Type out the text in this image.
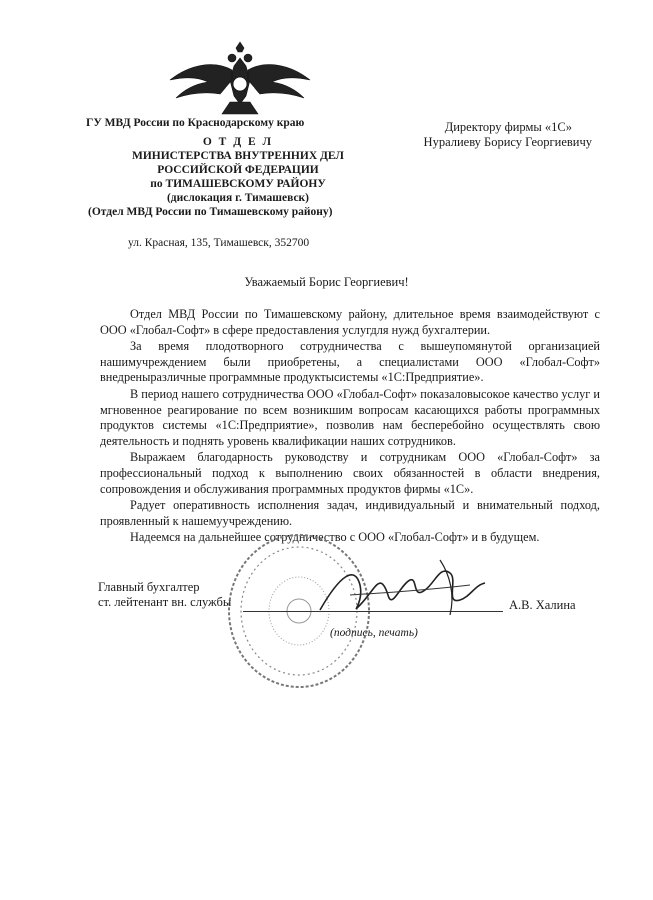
ГУ МВД России по Краснодарскому краю
О Т Д Е Л
МИНИСТЕРСТВА ВНУТРЕННИХ ДЕЛ
РОССИЙСКОЙ ФЕДЕРАЦИИ
по ТИМАШЕВСКОМУ РАЙОНУ
(дислокация г. Тимашевск)
(Отдел МВД России по Тимашевскому району)
ул. Красная, 135, Тимашевск, 352700
Директору фирмы «1С»
Нуралиеву Борису Георгиевичу
Уважаемый Борис Георгиевич!

Отдел МВД России по Тимашевскому району, длительное время взаимодействуют с ООО «Глобал-Софт» в сфере предоставления услугдля нужд бухгалтерии.

За время плодотворного сотрудничества с вышеупомянутой организацией нашимучреждением были приобретены, а специалистами ООО «Глобал-Софт» внедреныразличные программные продуктысистемы «1С:Предприятие».

В период нашего сотрудничества ООО «Глобал-Софт» показаловысокое качество услуг и мгновенное реагирование по всем возникшим вопросам касающихся работы программных продуктов системы «1С:Предприятие», позволив нам бесперебойно осуществлять свою деятельность и поднять уровень квалификации наших сотрудников.

Выражаем благодарность руководству и сотрудникам ООО «Глобал-Софт» за профессиональный подход к выполнению своих обязанностей в области внедрения, сопровождения и обслуживания программных продуктов фирмы «1С».

Радует оперативность исполнения задач, индивидуальный и внимательный подход, проявленный к нашемуучреждению.

Надеемся на дальнейшее сотрудничество с ООО «Глобал-Софт» и в будущем.

Главный бухгалтер
ст. лейтенант вн. службы	А.В. Халина
(подпись, печать)
